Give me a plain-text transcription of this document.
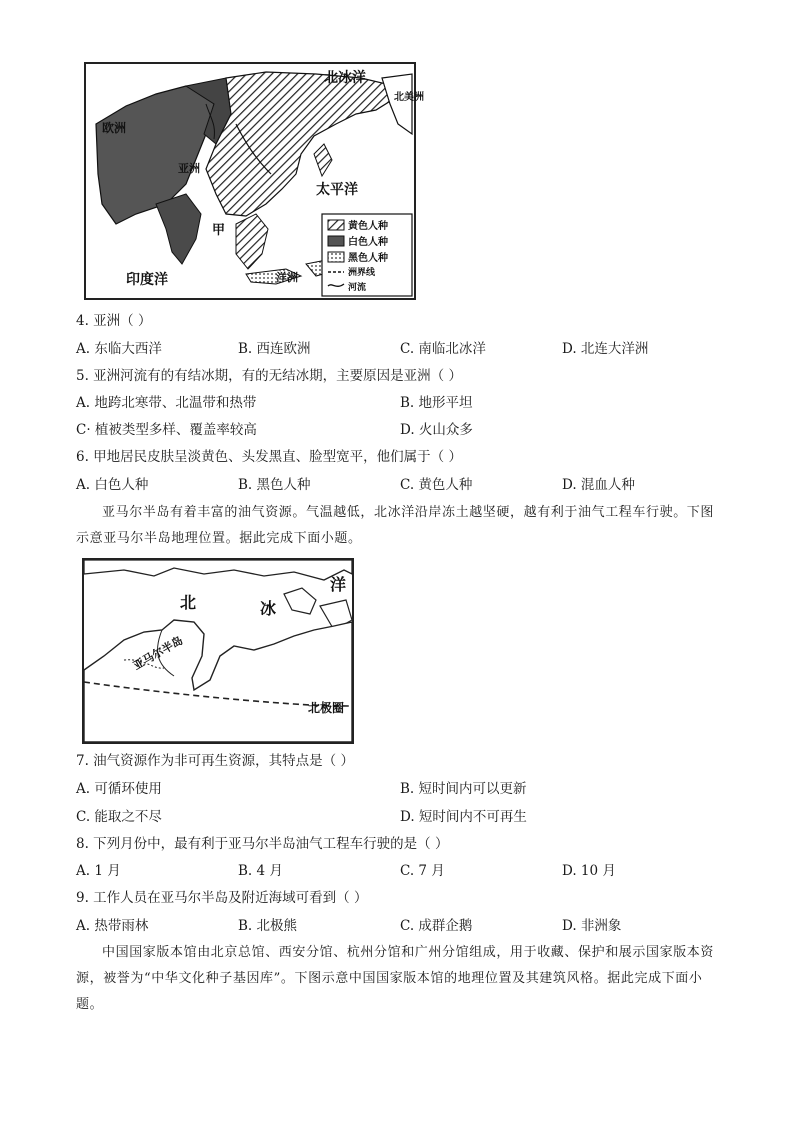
黄色人种
白色人种
黑色人种
洲界线
河流
北冰洋
北美洲
欧洲
亚洲
太平洋
甲
印度洋	洋洲
4. 亚洲（ ）
A. 东临大西洋	B. 西连欧洲	C. 南临北冰洋	D. 北连大洋洲
5. 亚洲河流有的有结冰期，有的无结冰期，主要原因是亚洲（ ）
A. 地跨北寒带、北温带和热带	B. 地形平坦
C· 植被类型多样、覆盖率较高	D. 火山众多
6. 甲地居民皮肤呈淡黄色、头发黑直、脸型宽平，他们属于（ ）
A. 白色人种	B. 黑色人种	C. 黄色人种	D. 混血人种
亚马尔半岛有着丰富的油气资源。气温越低，北冰洋沿岸冻土越坚硬，越有利于油气工程车行驶。下图示意亚马尔半岛地理位置。据此完成下面小题。
北	冰
洋
亚马尔半岛
北极圈
7. 油气资源作为非可再生资源，其特点是（ ）
A. 可循环使用	B. 短时间内可以更新
C. 能取之不尽	D. 短时间内不可再生
8. 下列月份中，最有利于亚马尔半岛油气工程车行驶的是（ ）
A. 1 月	B. 4 月	C. 7 月	D. 10 月
9. 工作人员在亚马尔半岛及附近海域可看到（ ）
A. 热带雨林	B. 北极熊	C. 成群企鹅	D. 非洲象
中国国家版本馆由北京总馆、西安分馆、杭州分馆和广州分馆组成，用于收藏、保护和展示国家版本资源，被誉为“中华文化种子基因库”。下图示意中国国家版本馆的地理位置及其建筑风格。据此完成下面小题。
